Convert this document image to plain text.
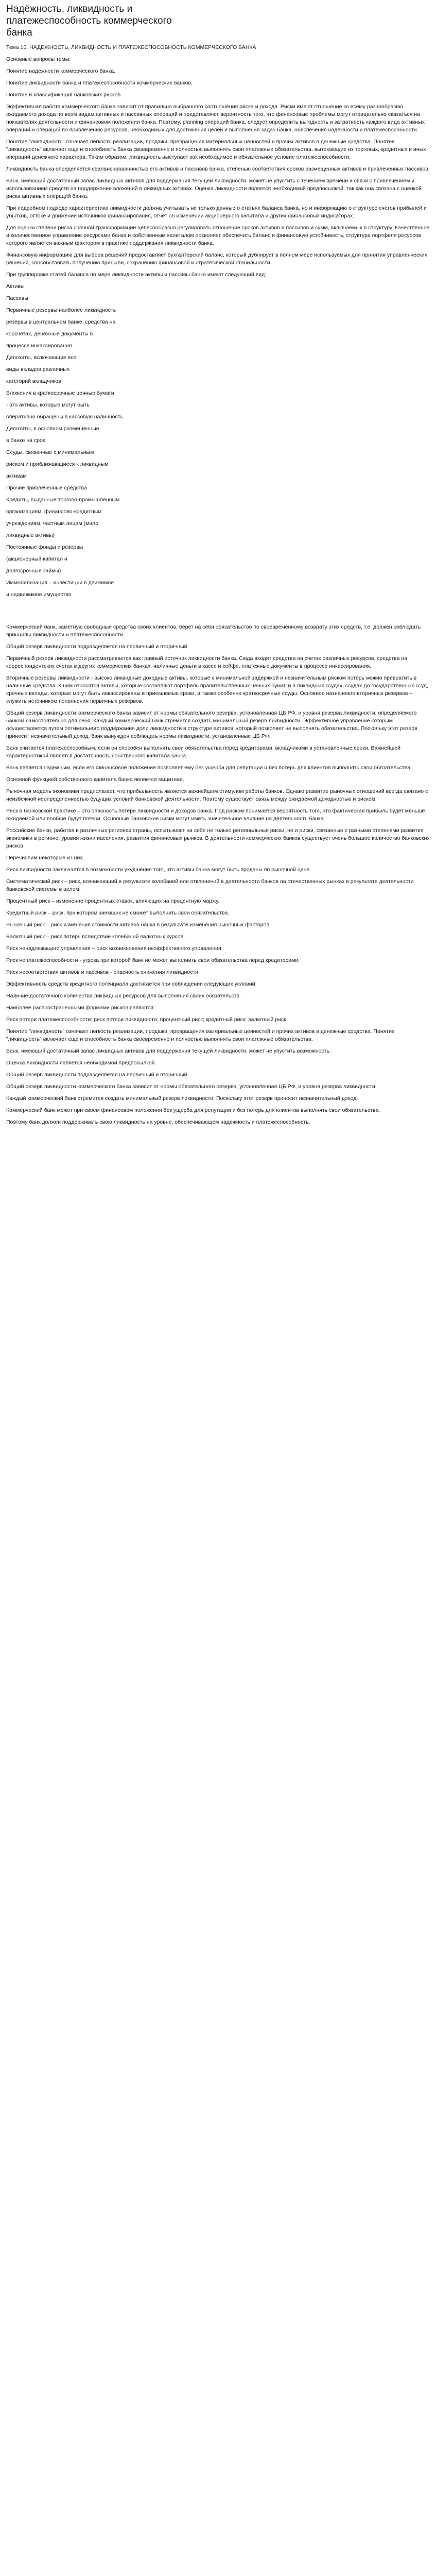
Надёжность, ликвидность и платежеспособность коммерческого банка

Тема 10. НАДЕЖНОСТЬ, ЛИКВИДНОСТЬ И ПЛАТЕЖЕСПОСОБНОСТЬ КОММЕРЧЕСКОГО БАНКА

Основные вопросы темы:

Понятие надежности коммерческого банка.

Понятие ликвидности банка и платежеспособности коммерческих банков.

Понятие и классификация банковских рисков.

Эффективная работа коммерческого банка зависит от правильно выбранного соотношения риска и дохода. Риски имеют отношение ко всему разнообразию ожидаемого дохода по всем видам активных и пассивных операций и представляют вероятность того, что финансовые проблемы могут отрицательно сказаться на показателях деятельности и финансовом положении банка. Поэтому, planning операций банка, следует определить выгодность и затратность каждого вида активных операций и операций по привлечению ресурсов, необходимых для достижения целей и выполнения задач банка, обеспечения надежности и платежеспособности.

Понятие "ликвидность" означает легкость реализации, продажи, превращения материальных ценностей и прочих активов в денежные средства. Понятие "ликвидность" включает еще и способность банка своевременно и полностью выполнять свои платежные обязательства, вытекающие из торговых, кредитных и иных операций денежного характера. Таким образом, ликвидность выступает как необходимое и обязательное условие платежеспособности.

Ликвидность банка определяется сбалансированностью его активов и пассивов банка, степенью соответствия сроков размещенных активов и привлеченных пассивов.

Банк, имеющий достаточный запас ликвидных активов для поддержания текущей ликвидности, может не упустить с течением времени и связи с привлечением и использованием средств на поддержание вложений в ликвидных активах. Оценка ликвидности является необходимой предпосылкой, так как она связана с оценкой риска активных операций банка.

При подробном подходе характеристика ликвидности должна учитывать не только данные о статьях баланса банка, но и информацию о структуре счетов прибылей и убытков, оттоке и движении источников финансирования, отчет об изменении акционерного капитала и других финансовых индикаторах.

Для оценки степени риска срочной трансформации целесообразно регулировать отношение сроков активов и пассивов и сумм, включаемых в структуру. Качественное и количественное управление ресурсами банка и собственным капиталом позволяет обеспечить баланс и финансовую устойчивость, структура портфеля ресурсов которого является важным фактором в практике поддержания ликвидности банка.

Финансовую информацию для выбора решений предоставляет бухгалтерский баланс, который дублирует в полном мере используемых для принятия управленческих решений, способствовать получению прибыли, сохранению финансовой и стратегической стабильности.

При группировке статей баланса по мере ликвидности активы и пассивы банка имеют следующий вид:

Активы

Пассивы

Первичные резервы наиболее ликвидность

резервы в центральном банке, средства на

корсчетах, денежные документы в

процессе инкассирования

Депозиты, включающие все

виды вкладов различных

категорий вкладчиков

Вложения в краткосрочные ценные бумаги

- это активы, которые могут быть

оперативно обращены в кассовую наличность

Депозиты, в основном размещенные

в банке на срок

Ссуды, связанные с минимальным

риском и приближающиеся к ликвидным

активам

Прочие привлеченные средства

Кредиты, выданные торгово-промышленным

организациям, финансово-кредитным

учреждениям, частным лицам (мало

ликвидные активы)

Постоянные фонды и резервы

(акционерный капитал и

долгосрочные займы)

Иммобилизация – инвестиции в движимое

и недвижимое имущество

Коммерческий банк, заметную свободные средства своих клиентов, берет на себя обязательство по своевременному возврату этих средств, т.е. должен соблюдать принципы ликвидности и платежеспособности.

Общий резерв ликвидности подразделяется на первичный и вторичный

Первичный резерв ликвидности рассматривается как главный источник ликвидности банка. Сюда входят средства на счетах различных ресурсов, средства на корреспондентских счетах в других коммерческих банках, наличные деньги в кассе и сейфе, платежные документы в процессе инкассирования.

Вторичные резервы ликвидности - высоко ликвидные доходные активы, которые с минимальной задержкой и незначительным риском потерь можно превратить в наличные средства. К ним относятся активы, которые составляют портфель правительственных ценных бумаг, и в ликвидных ссудах, ссудах до государственных ссуд, срочные вклады, которые могут быть инкассированы в приемлемые сроки, а также особенно краткосрочные ссуды. Основное назначение вторичных резервов – служить источником пополнения первичных резервов.

Общий резерв ликвидности коммерческого банка зависит от нормы обязательного резерва, установленная ЦБ РФ, и уровня резерва ликвидности, определяемого банком самостоятельно для себя. Каждый коммерческий банк стремится создать минимальный резерв ликвидности. Эффективное управление которым осуществляется путем оптимального поддержания доли ликвидности в структуре активов, который позволяет не выполнять обязательства. Поскольку этот резерв приносит незначительный доход, банк вынужден соблюдать нормы ликвидности, установленные ЦБ РФ.

Банк считается платежеспособным, если он способен выполнять свои обязательства перед кредиторами, вкладчиками в установленные сроки. Важнейшей характеристикой является достаточность собственного капитала банка.

Банк является надежным, если его финансовое положение позволяет ему без ущерба для репутации и без потерь для клиентов выполнять свои обязательства.

Основной функцией собственного капитала банка является защитная.

Рыночная модель экономики предполагает, что прибыльность является важнейшим стимулом работы банков. Однако развитие рыночных отношений всегда связано с неизбежной неопределенностью будущих условий банковской деятельности. Поэтому существует связь между ожидаемой доходностью и риском.

Риск в банковской практике – это опасность потери ликвидности и доходов банка. Под риском понимается вероятность того, что фактическая прибыль будет меньше ожидаемой или вообще будут потери. Основные банковские риски могут иметь значительное влияние на деятельность банка.

Российские банки, работая в различных регионах страны, испытывают на себе не только региональные риски, но и риски, связанные с разными степенями развития экономики в регионе, уровня жизни населения, развития финансовых рынков. В деятельности коммерческих банков существует очень большое количество банковских рисков.

Перечислим некоторые из них.

Риск ликвидности заключается в возможности ухудшения того, что активы банка могут быть проданы по рыночной цене.

Систематический риск – риск, возникающий в результате колебаний или отклонений в деятельности банков на отечественных рынках в результате деятельности банковской системы в целом.

Процентный риск – изменение процентных ставок, влияющих на процентную маржу.

Кредитный риск – риск, при котором заемщик не сможет выполнить свои обязательства.

Рыночный риск – риск изменения стоимости активов банка в результате изменения рыночных факторов.

Валютный риск – риск потерь вследствие колебаний валютных курсов.

Риск ненадлежащего управления – риск возникновения неэффективного управления.

Риск неплатежеспособности - угроза при которой банк не может выполнить свои обязательства перед кредиторами.

Риск несоответствия активов и пассивов - опасность снижения ликвидности.

Эффективность средств кредитного потенциала достигается при соблюдении следующих условий:

Наличие достаточного количества ликвидных ресурсов для выполнения своих обязательств.

Наиболее распространенными формами рисков являются:

Риск потери платежеспособности; риск потери ликвидности; процентный риск; кредитный риск; валютный риск.

Понятие "ликвидность" означает легкость реализации, продажи, превращения материальных ценностей и прочих активов в денежные средства. Понятие "ликвидность" включает еще и способность банка своевременно и полностью выполнять свои платежные обязательства.

Банк, имеющий достаточный запас ликвидных активов для поддержания текущей ликвидности, может не упустить возможность.

Оценка ликвидности является необходимой предпосылкой.

Общий резерв ликвидности подразделяется на первичный и вторичный.

Общий резерв ликвидности коммерческого банка зависит от нормы обязательного резерва, установленная ЦБ РФ, и уровня резерва ликвидности.

Каждый коммерческий банк стремится создать минимальный резерв ликвидности. Поскольку этот резерв приносит незначительный доход.

Коммерческий банк может при своем финансовом положении без ущерба для репутации и без потерь для клиентов выполнять свои обязательства.

Поэтому банк должен поддерживать свою ликвидность на уровне, обеспечивающем надежность и платежеспособность.
